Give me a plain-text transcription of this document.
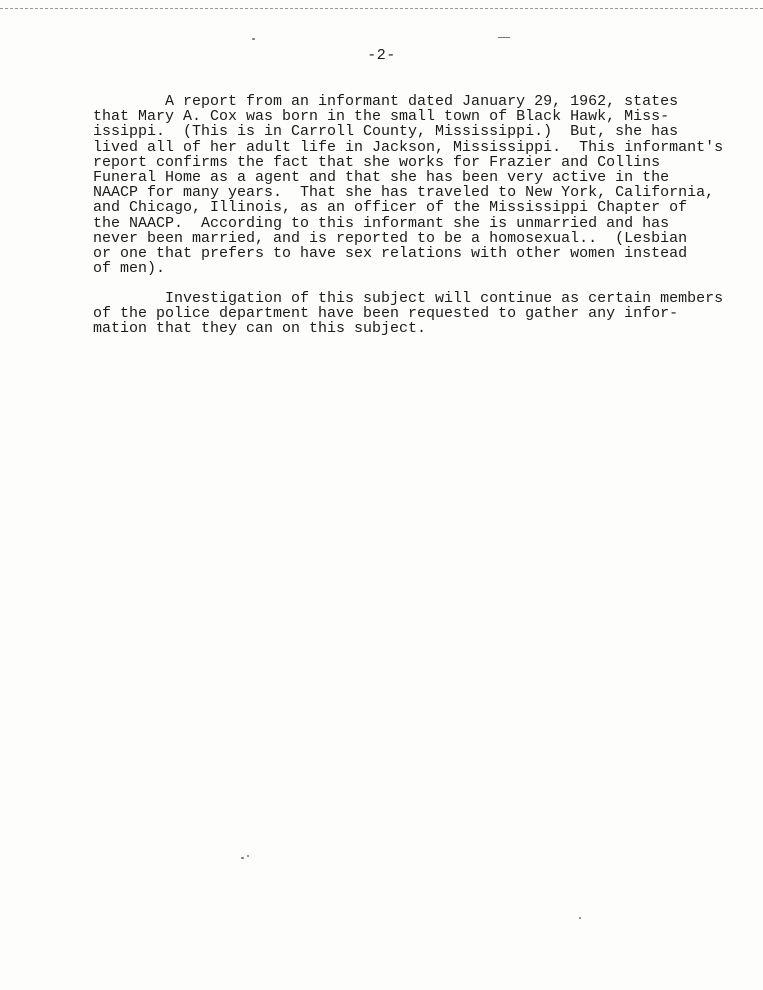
-2-

A report from an informant dated January 29, 1962, states
that Mary A. Cox was born in the small town of Black Hawk, Miss-
issippi.  (This is in Carroll County, Mississippi.)  But, she has
lived all of her adult life in Jackson, Mississippi.  This informant's
report confirms the fact that she works for Frazier and Collins
Funeral Home as a agent and that she has been very active in the
NAACP for many years.  That she has traveled to New York, California,
and Chicago, Illinois, as an officer of the Mississippi Chapter of
the NAACP.  According to this informant she is unmarried and has
never been married, and is reported to be a homosexual..  (Lesbian
or one that prefers to have sex relations with other women instead
of men).

Investigation of this subject will continue as certain members
of the police department have been requested to gather any infor-
mation that they can on this subject.
